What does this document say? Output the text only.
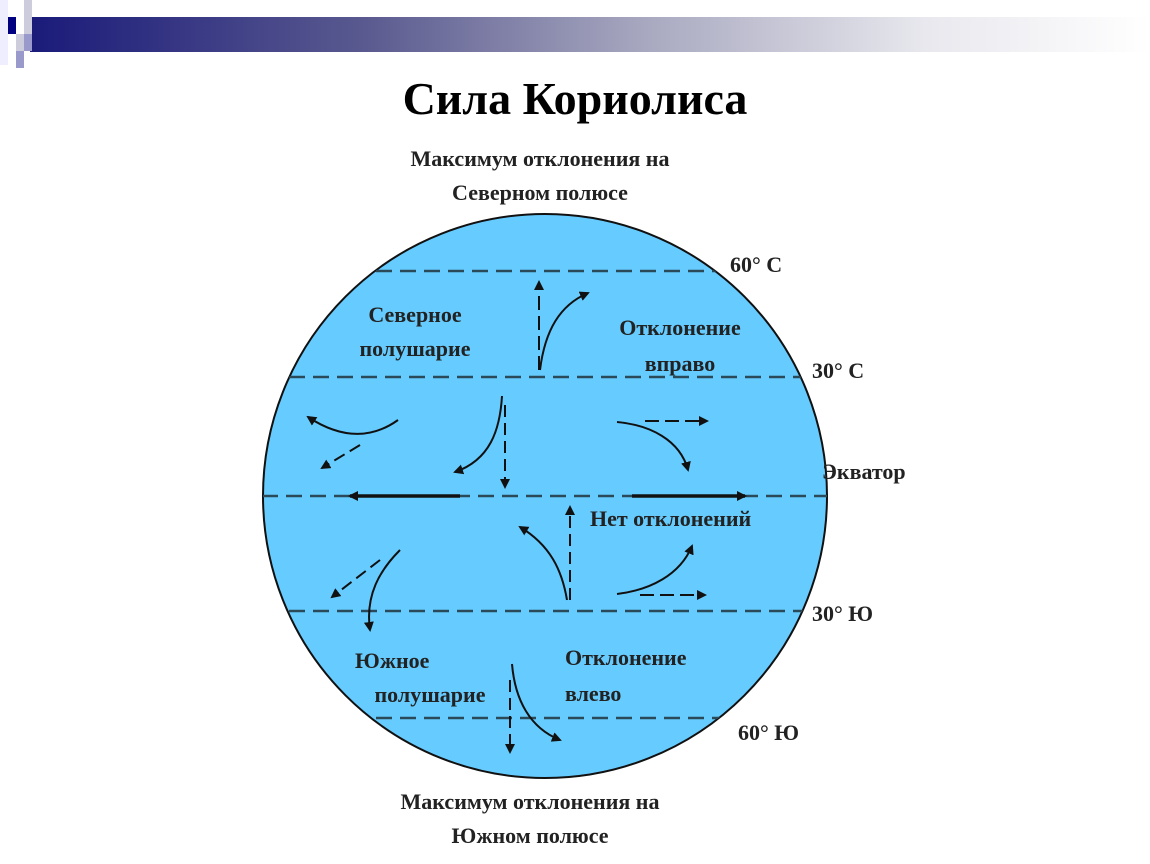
Сила Кориолиса
Максимум отклонения на
Северном полюсе
Северное
полушарие
Отклонение
вправо
Экватор
Нет отклонений
Южное
полушарие
Отклонение
влево
60° С
30° С
30° Ю
60° Ю
Максимум отклонения на
Южном полюсе
